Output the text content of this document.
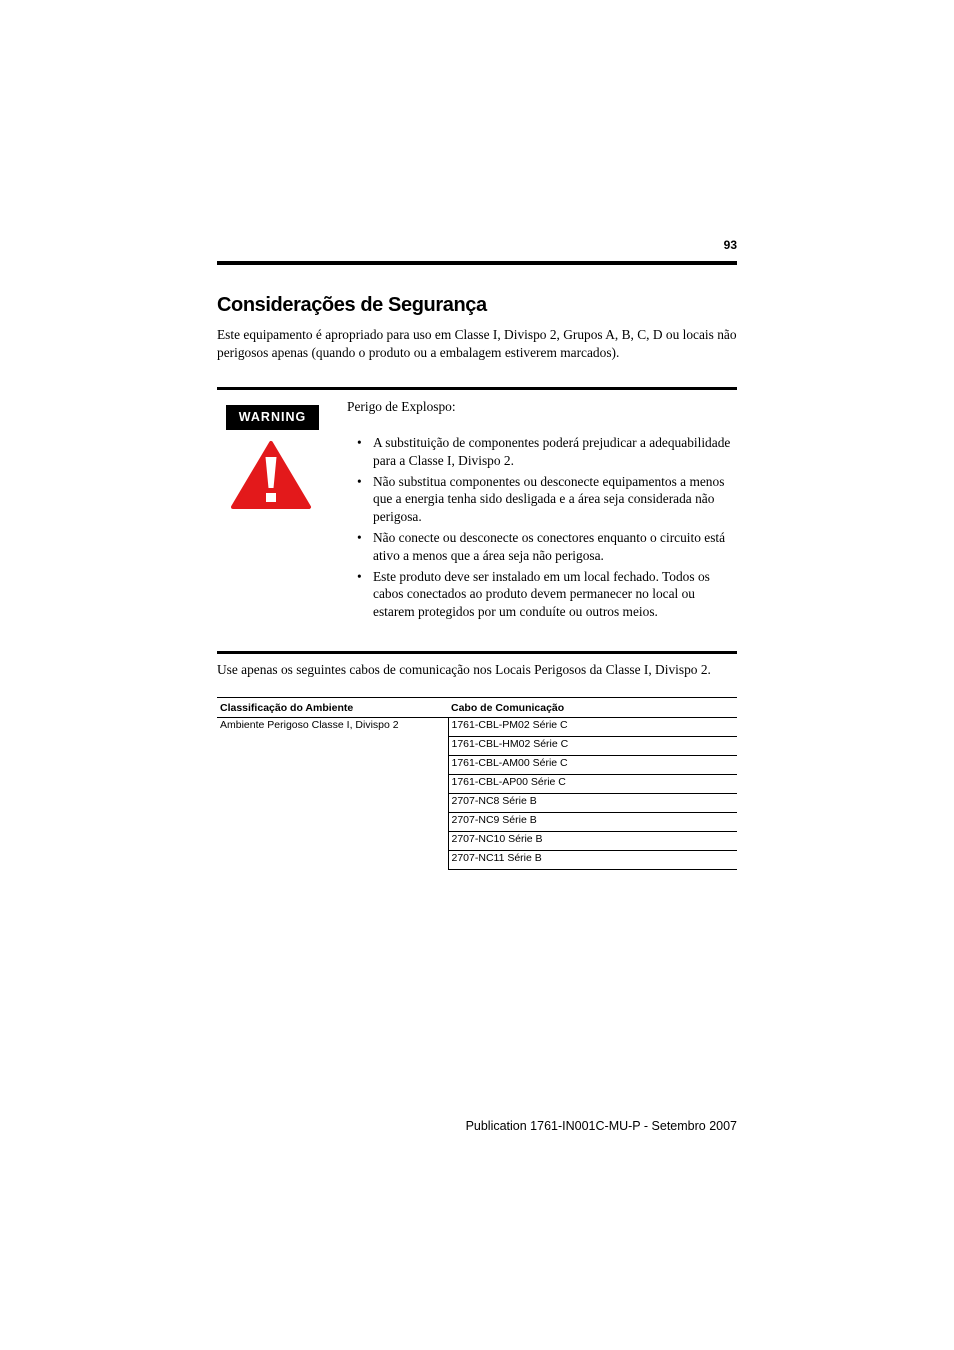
93
Considerações de Segurança

Este equipamento é apropriado para uso em Classe I, Divispo 2, Grupos A, B, C, D ou locais não perigosos apenas (quando o produto ou a embalagem estiverem marcados).

WARNING

Perigo de Explospo:

• A substituição de componentes poderá prejudicar a adequabilidade para a Classe I, Divispo 2.
• Não substitua componentes ou desconecte equipamentos a menos que a energia tenha sido desligada e a área seja considerada não perigosa.
• Não conecte ou desconecte os conectores enquanto o circuito está ativo a menos que a área seja não perigosa.
• Este produto deve ser instalado em um local fechado. Todos os cabos conectados ao produto devem permanecer no local ou estarem protegidos por um conduíte ou outros meios.

Use apenas os seguintes cabos de comunicação nos Locais Perigosos da Classe I, Divispo 2.

Classificação do Ambiente	Cabo de Comunicação
Ambiente Perigoso Classe I, Divispo 2	1761-CBL-PM02 Série C
	1761-CBL-HM02 Série C
	1761-CBL-AM00 Série C
	1761-CBL-AP00 Série C
	2707-NC8 Série B
	2707-NC9 Série B
	2707-NC10 Série B
	2707-NC11 Série B

Publication 1761-IN001C-MU-P - Setembro 2007
